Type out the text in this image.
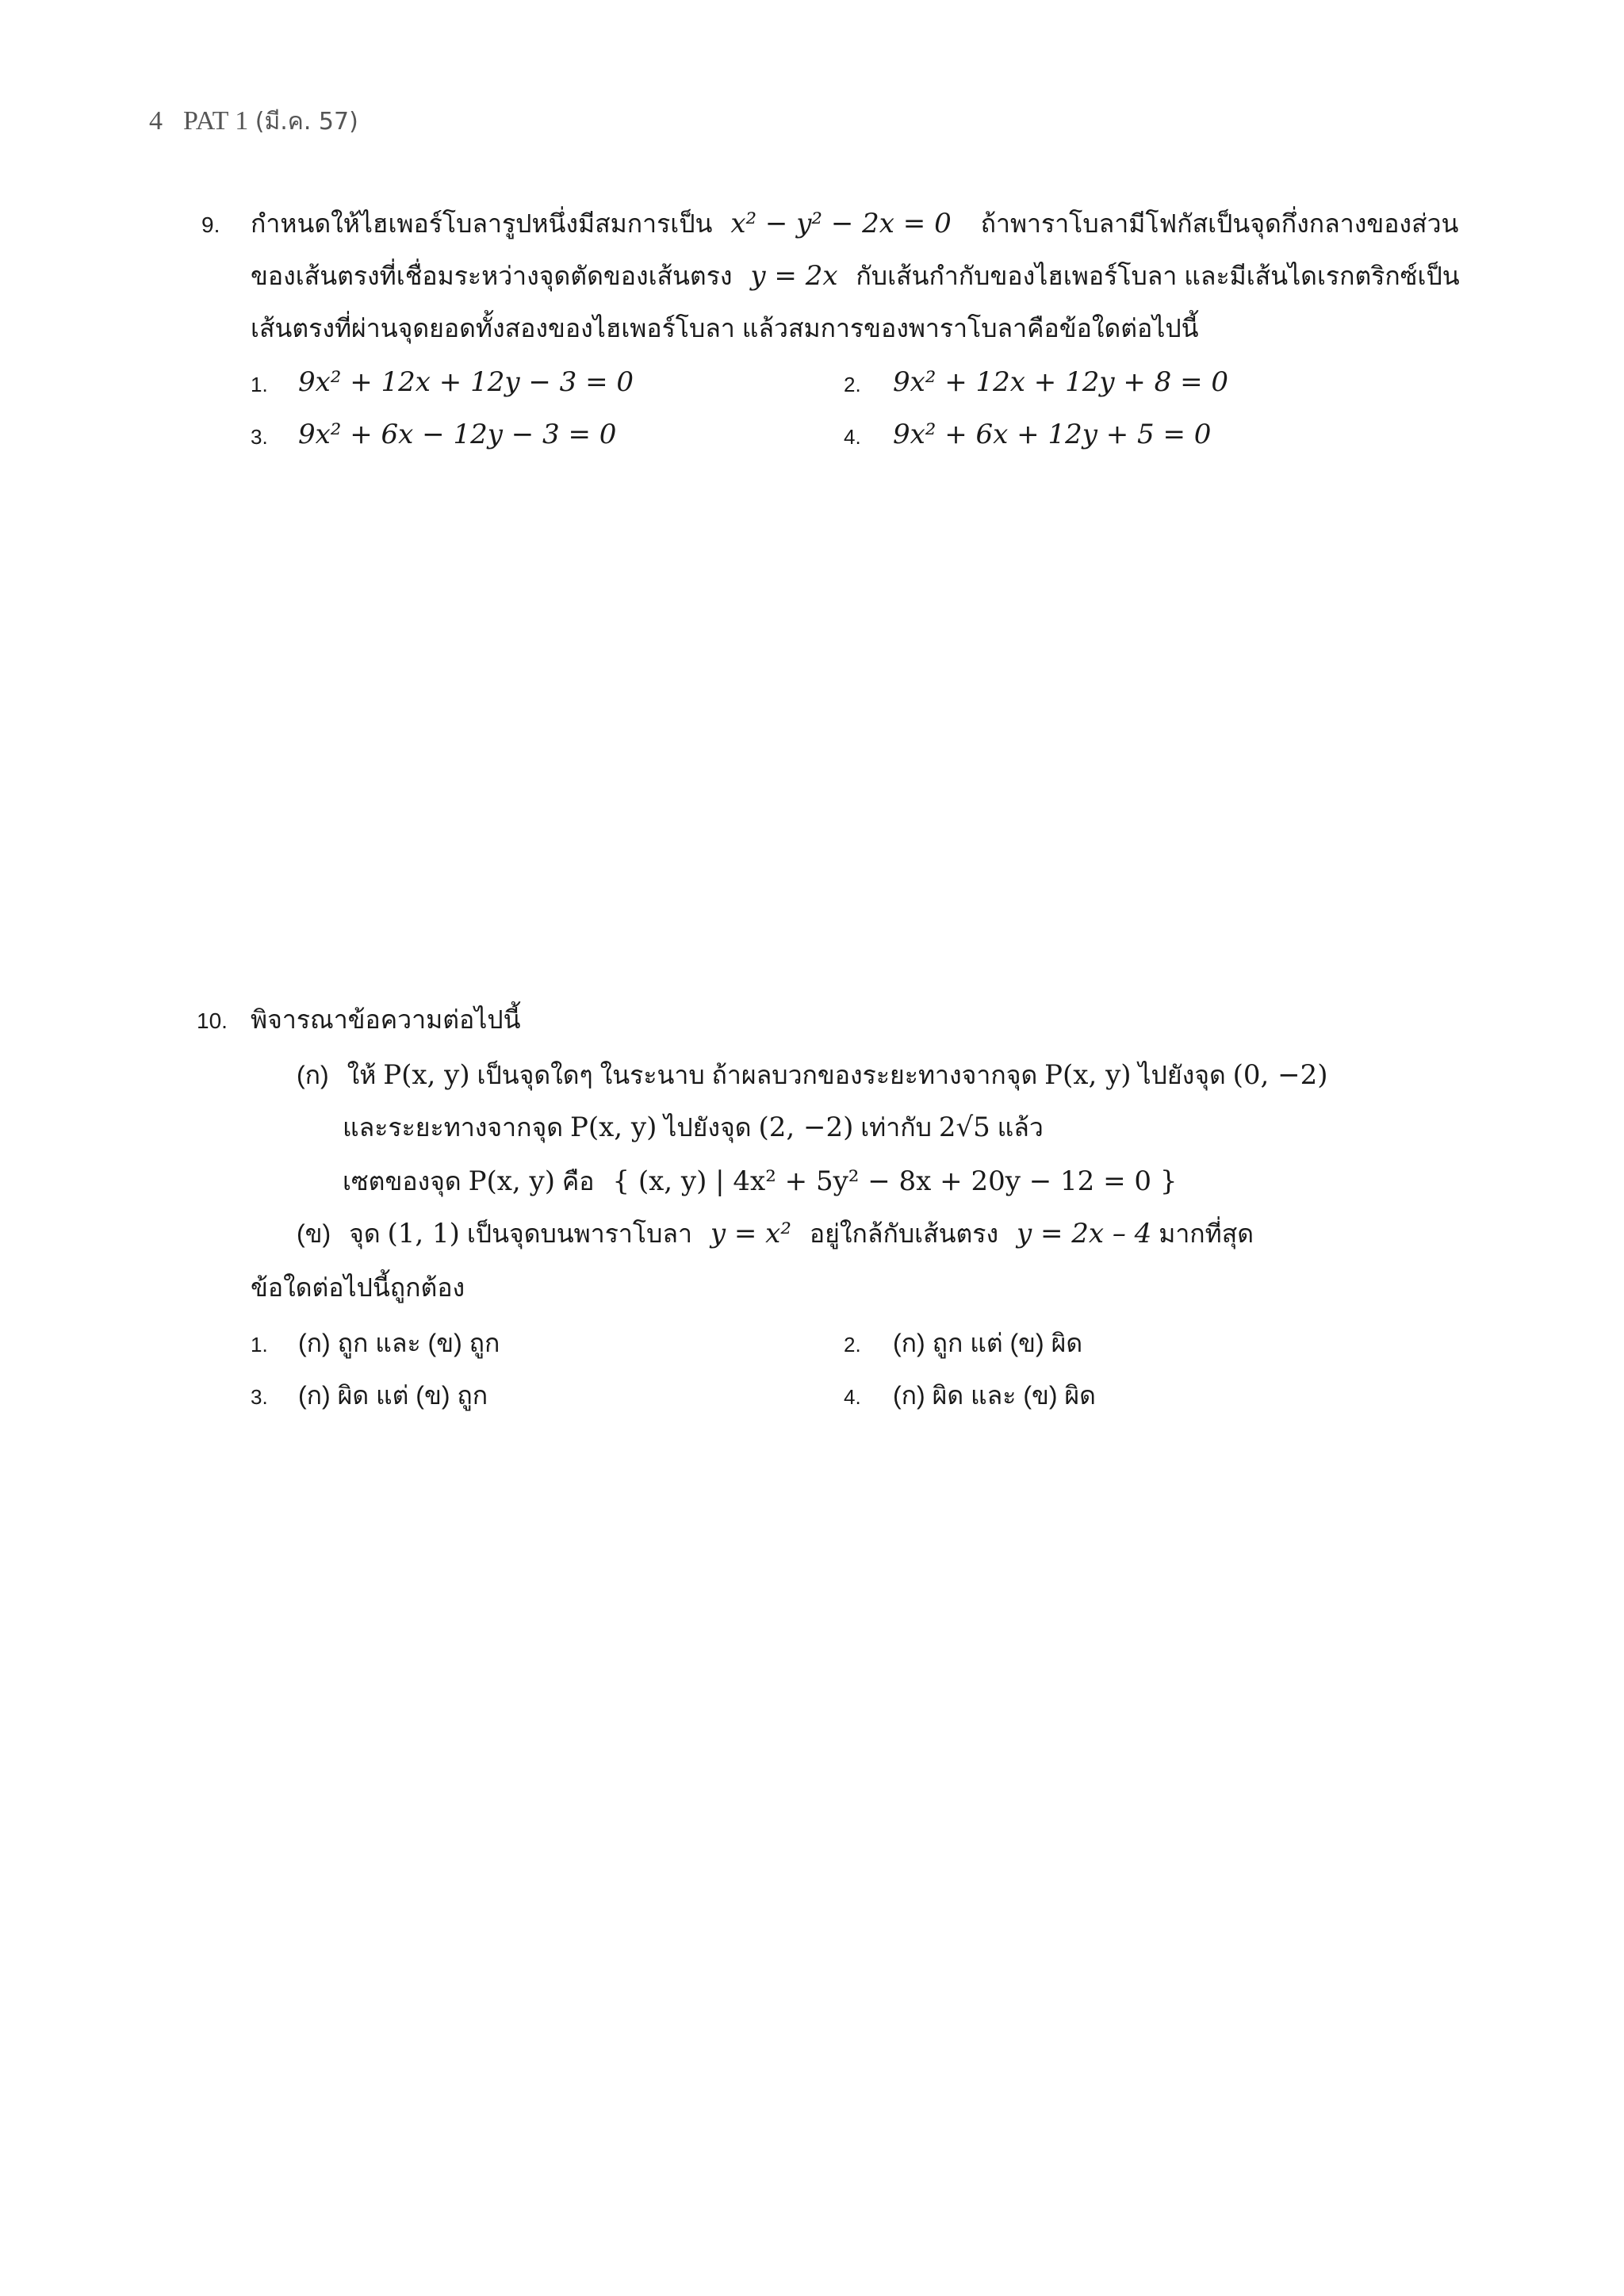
4 PAT 1 (มี.ค. 57)
9. กำหนดให้ไฮเพอร์โบลารูปหนึ่งมีสมการเป็น x² − y² − 2x = 0 ถ้าพาราโบลามีโฟกัสเป็นจุดกึ่งกลางของส่วน
ของเส้นตรงที่เชื่อมระหว่างจุดตัดของเส้นตรง y = 2x กับเส้นกำกับของไฮเพอร์โบลา และมีเส้นไดเรกตริกซ์เป็น
เส้นตรงที่ผ่านจุดยอดทั้งสองของไฮเพอร์โบลา แล้วสมการของพาราโบลาคือข้อใดต่อไปนี้
1. 9x² + 12x + 12y − 3 = 0	2. 9x² + 12x + 12y + 8 = 0
3. 9x² + 6x − 12y − 3 = 0	4. 9x² + 6x + 12y + 5 = 0
10. พิจารณาข้อความต่อไปนี้
(ก) ให้ P(x, y) เป็นจุดใดๆ ในระนาบ ถ้าผลบวกของระยะทางจากจุด P(x, y) ไปยังจุด (0, −2)
และระยะทางจากจุด P(x, y) ไปยังจุด (2, −2) เท่ากับ 2√5 แล้ว
เซตของจุด P(x, y) คือ { (x, y) | 4x² + 5y² − 8x + 20y − 12 = 0 }
(ข) จุด (1, 1) เป็นจุดบนพาราโบลา y = x² อยู่ใกล้กับเส้นตรง y = 2x – 4 มากที่สุด
ข้อใดต่อไปนี้ถูกต้อง
1. (ก) ถูก และ (ข) ถูก	2. (ก) ถูก แต่ (ข) ผิด
3. (ก) ผิด แต่ (ข) ถูก	4. (ก) ผิด และ (ข) ผิด
